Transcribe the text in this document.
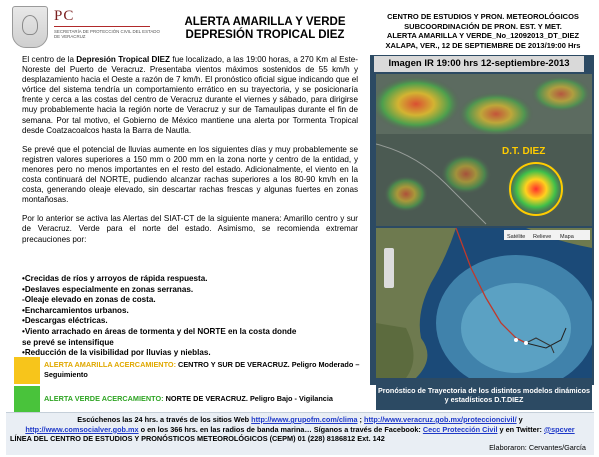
PC
SECRETARÍA DE PROTECCIÓN CIVIL DEL ESTADO DE VERACRUZ
ALERTA AMARILLA Y VERDE
DEPRESIÓN TROPICAL DIEZ
CENTRO DE ESTUDIOS Y PRON. METEOROLÓGICOS
SUBCOORDINACIÓN DE PRON. EST. Y MET.
ALERTA AMARILLA Y VERDE_No_12092013_DT_DIEZ
XALAPA, VER., 12 DE SEPTIEMBRE DE 2013/19:00 Hrs

El centro de la Depresión Tropical DIEZ fue localizado, a las 19:00 horas, a 270 Km al Este-Noreste del Puerto de Veracruz. Presentaba vientos máximos sostenidos de 55 km/h y desplazamiento hacia el Oeste a razón de 7 km/h. El pronóstico oficial sigue indicando que el vórtice del sistema tendría un comportamiento errático en su trayectoria, y se posicionaría frente y cerca a las costas del centro de Veracruz durante el viernes y sábado, para dirigirse muy probablemente hacia la región norte de Veracruz y sur de Tamaulipas durante el fin de semana. Por tal motivo, el Gobierno de México mantiene una alerta por Tormenta Tropical desde Coatzacoalcos hasta la Barra de Nautla.

Se prevé que el potencial de lluvias aumente en los siguientes días y muy probablemente se registren valores superiores a 150 mm o 200 mm en la zona norte y centro de la entidad, y menores pero no menos importantes en el resto del estado. Adicionalmente, el viento en la costa continuará del NORTE, pudiendo alcanzar rachas superiores a los 80-90 km/h en la costa, generando oleaje elevado, sin descartar rachas frescas y algunas fuertes en zonas montañosas.

Por lo anterior se activa las Alertas del SIAT-CT de la siguiente manera: Amarillo centro y sur de Veracruz. Verde para el norte del estado. Asimismo, se recomienda extremar precauciones por:

•Crecidas de ríos y arroyos de rápida respuesta.
•Deslaves especialmente en zonas serranas.
-Oleaje elevado en zonas de costa.
•Encharcamientos urbanos.
•Descargas eléctricas.
•Viento arrachado en áreas de tormenta y del NORTE en la costa donde
se prevé se intensifique
•Reducción de la visibilidad por lluvias y nieblas.
ALERTA AMARILLA ACERCAMIENTO: CENTRO Y SUR DE VERACRUZ. Peligro Moderado – Seguimiento
ALERTA VERDE ACERCAMIENTO: NORTE DE VERACRUZ. Peligro Bajo - Vigilancia
Imagen IR 19:00 hrs 12-septiembre-2013
D.T. DIEZ
Satélite Relieve Mapa
Pronóstico de Trayectoria de los distintos modelos dinámicos y estadísticos D.T.DIEZ
Escúchenos las 24 hrs. a través de los sitios Web http://www.grupofm.com/clima ; http://www.veracruz.gob.mx/proteccioncivil/ y
http://www.comsocialver.gob.mx o en los 366 hrs. en las radios de banda marina… Síganos a través de Facebook: Cecc Protección Civil y en Twitter: @spcver
LÍNEA DEL CENTRO DE ESTUDIOS Y PRONÓSTICOS METEOROLÓGICOS (CEPM) 01 (228) 8186812 Ext. 142
Elaboraron: Cervantes/García
